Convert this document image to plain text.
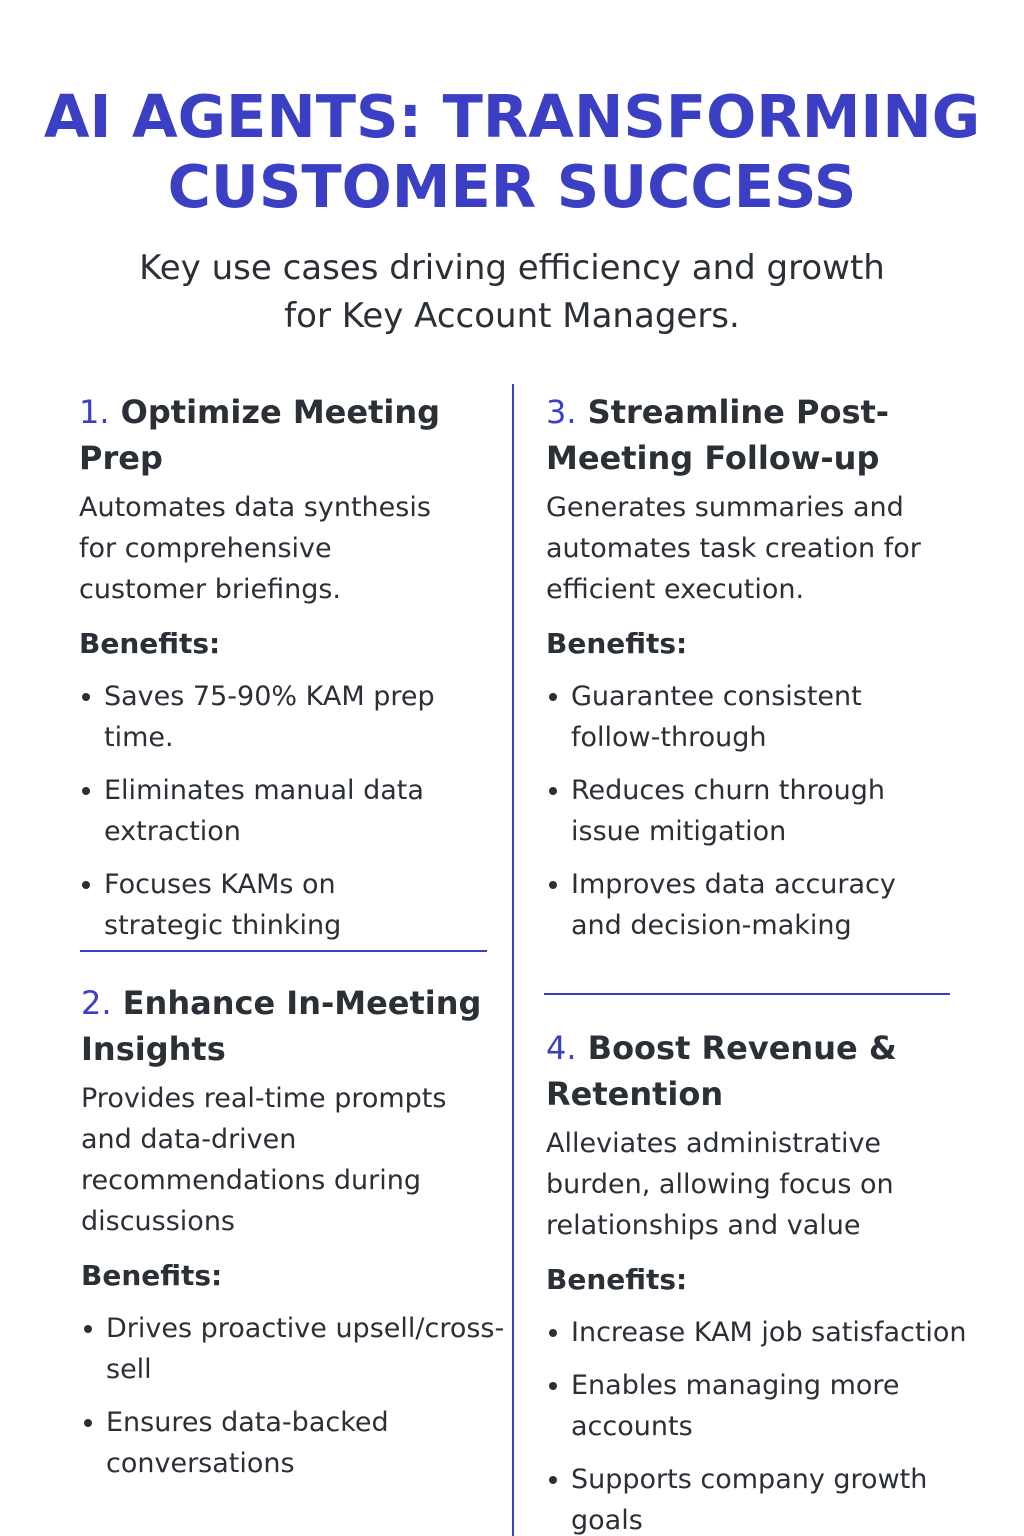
AI AGENTS: TRANSFORMING
CUSTOMER SUCCESS

Key use cases driving efficiency and growth
for Key Account Managers.

1. Optimize Meeting Prep

Automates data synthesis for comprehensive customer briefings.

Benefits:
Saves 75-90% KAM prep time.
Eliminates manual data extraction
Focuses KAMs on strategic thinking
2. Enhance In-Meeting Insights

Provides real-time prompts and data-driven recommendations during discussions

Benefits:
Drives proactive upsell/cross-sell
Ensures data-backed conversations
3. Streamline Post-Meeting Follow-up

Generates summaries and automates task creation for efficient execution.

Benefits:
Guarantee consistent follow-through
Reduces churn through issue mitigation
Improves data accuracy and decision-making
4. Boost Revenue & Retention

Alleviates administrative burden, allowing focus on relationships and value

Benefits:
Increase KAM job satisfaction
Enables managing more accounts
Supports company growth goals
